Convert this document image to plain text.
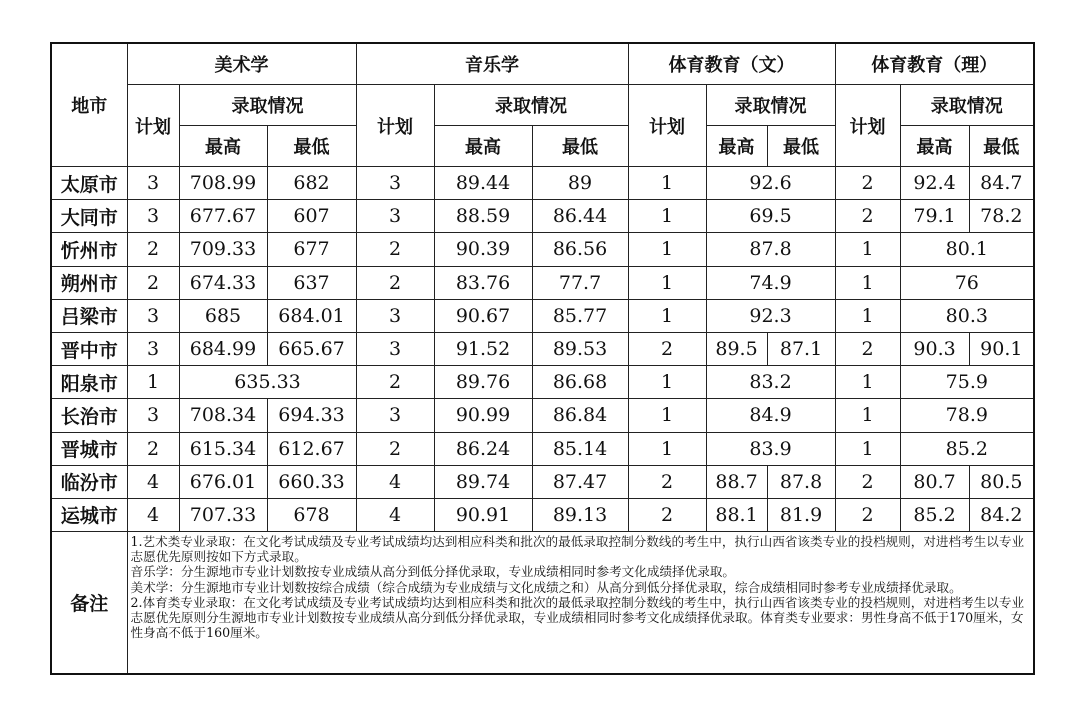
地市	美术学			音乐学			体育教育（文）			体育教育（理）		
	计划	录取情况		计划	录取情况		计划	录取情况		计划	录取情况	
		最高	最低		最高	最低		最高	最低		最高	最低
太原市	3	708.99	682	3	89.44	89	1	92.6		2	92.4	84.7
大同市	3	677.67	607	3	88.59	86.44	1	69.5		2	79.1	78.2
忻州市	2	709.33	677	2	90.39	86.56	1	87.8		1	80.1	
朔州市	2	674.33	637	2	83.76	77.7	1	74.9		1	76	
吕梁市	3	685	684.01	3	90.67	85.77	1	92.3		1	80.3	
晋中市	3	684.99	665.67	3	91.52	89.53	2	89.5	87.1	2	90.3	90.1
阳泉市	1	635.33		2	89.76	86.68	1	83.2		1	75.9	
长治市	3	708.34	694.33	3	90.99	86.84	1	84.9		1	78.9	
晋城市	2	615.34	612.67	2	86.24	85.14	1	83.9		1	85.2	
临汾市	4	676.01	660.33	4	89.74	87.47	2	88.7	87.8	2	80.7	80.5
运城市	4	707.33	678	4	90.91	89.13	2	88.1	81.9	2	85.2	84.2
备注	1.艺术类专业录取：在文化考试成绩及专业考试成绩均达到相应科类和批次的最低录取控制分数线的考生中，执行山西省该类专业的投档规则，对进档考生以专业志愿优先原则按如下方式录取。

音乐学：分生源地市专业计划数按专业成绩从高分到低分择优录取，专业成绩相同时参考文化成绩择优录取。

美术学：分生源地市专业计划数按综合成绩（综合成绩为专业成绩与文化成绩之和）从高分到低分择优录取，综合成绩相同时参考专业成绩择优录取。

2.体育类专业录取：在文化考试成绩及专业考试成绩均达到相应科类和批次的最低录取控制分数线的考生中，执行山西省该类专业的投档规则，对进档考生以专业志愿优先原则分生源地市专业计划数按专业成绩从高分到低分择优录取，专业成绩相同时参考文化成绩择优录取。体育类专业要求：男性身高不低于170厘米，女性身高不低于160厘米。											
